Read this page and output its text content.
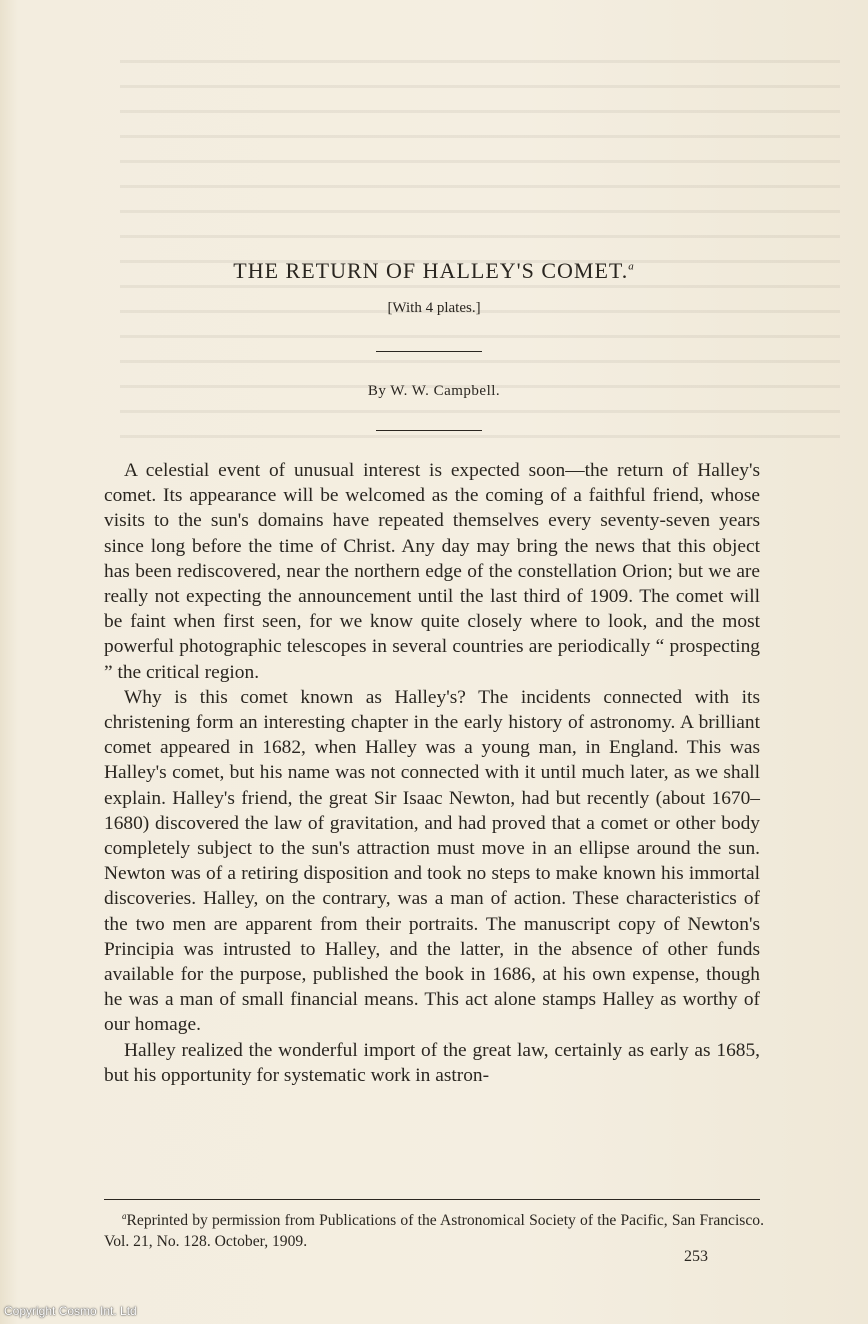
THE RETURN OF HALLEY'S COMET.$^a$
[With 4 plates.]
By W. W. Campbell.

A celestial event of unusual interest is expected soon—the return of Halley's comet. Its appearance will be welcomed as the coming of a faithful friend, whose visits to the sun's domains have repeated themselves every seventy-seven years since long before the time of Christ. Any day may bring the news that this object has been rediscovered, near the northern edge of the constellation Orion; but we are really not expecting the announcement until the last third of 1909. The comet will be faint when first seen, for we know quite closely where to look, and the most powerful photographic telescopes in several countries are periodically “ prospecting ” the critical region.

Why is this comet known as Halley's? The incidents connected with its christening form an interesting chapter in the early history of astronomy. A brilliant comet appeared in 1682, when Halley was a young man, in England. This was Halley's comet, but his name was not connected with it until much later, as we shall explain. Halley's friend, the great Sir Isaac Newton, had but recently (about 1670–1680) discovered the law of gravitation, and had proved that a comet or other body completely subject to the sun's attraction must move in an ellipse around the sun. Newton was of a retiring disposition and took no steps to make known his immortal discoveries. Halley, on the contrary, was a man of action. These characteristics of the two men are apparent from their portraits. The manuscript copy of Newton's Principia was intrusted to Halley, and the latter, in the absence of other funds available for the purpose, published the book in 1686, at his own expense, though he was a man of small financial means. This act alone stamps Halley as worthy of our homage.

Halley realized the wonderful import of the great law, certainly as early as 1685, but his opportunity for systematic work in astron-

$^a$Reprinted by permission from Publications of the Astronomical Society of the Pacific, San Francisco. Vol. 21, No. 128. October, 1909.
253
Copyright Cosmo Int. Ltd
